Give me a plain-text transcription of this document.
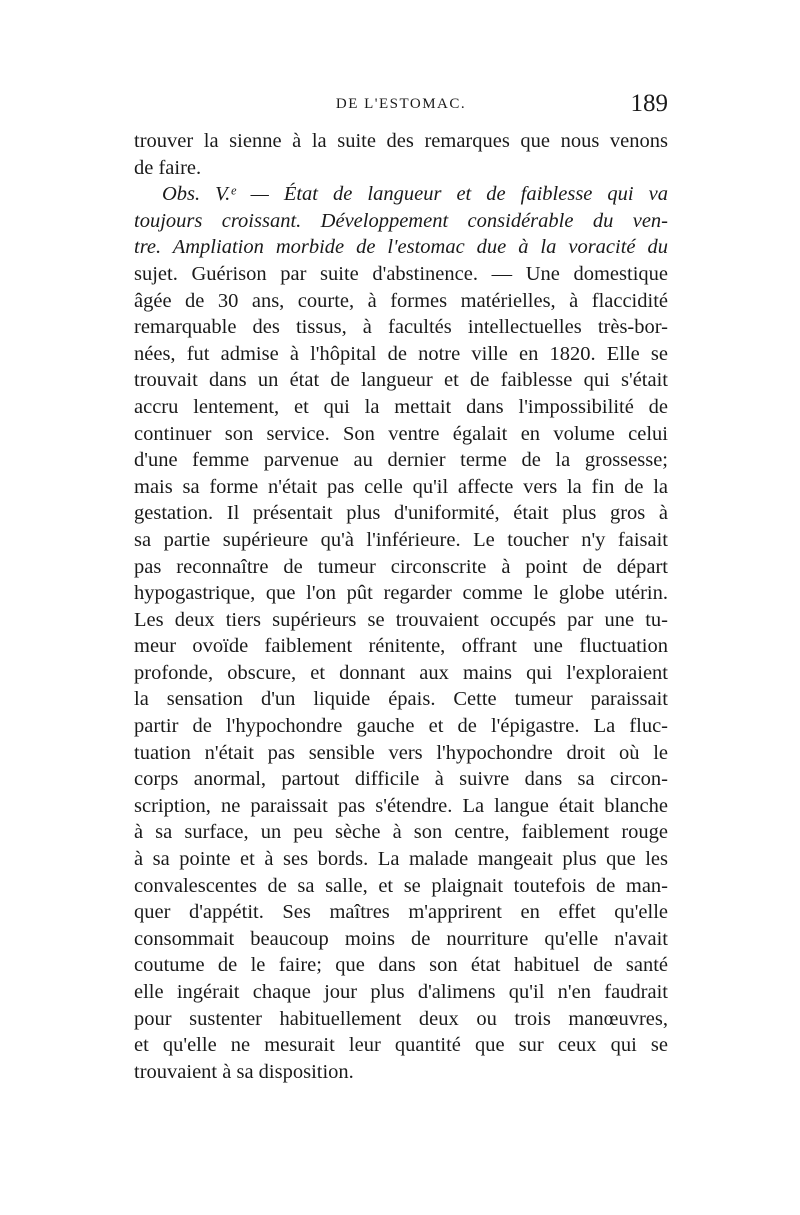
DE L'ESTOMAC.	189
trouver la sienne à la suite des remarques que nous venons
de faire.
Obs. V.ᵉ — État de langueur et de faiblesse qui va
toujours croissant. Développement considérable du ven-
tre. Ampliation morbide de l'estomac due à la voracité du
sujet. Guérison par suite d'abstinence. — Une domestique
âgée de 30 ans, courte, à formes matérielles, à flaccidité
remarquable des tissus, à facultés intellectuelles très-bor-
nées, fut admise à l'hôpital de notre ville en 1820. Elle se
trouvait dans un état de langueur et de faiblesse qui s'était
accru lentement, et qui la mettait dans l'impossibilité de
continuer son service. Son ventre égalait en volume celui
d'une femme parvenue au dernier terme de la grossesse;
mais sa forme n'était pas celle qu'il affecte vers la fin de la
gestation. Il présentait plus d'uniformité, était plus gros à
sa partie supérieure qu'à l'inférieure. Le toucher n'y faisait
pas reconnaître de tumeur circonscrite à point de départ
hypogastrique, que l'on pût regarder comme le globe utérin.
Les deux tiers supérieurs se trouvaient occupés par une tu-
meur ovoïde faiblement rénitente, offrant une fluctuation
profonde, obscure, et donnant aux mains qui l'exploraient
la sensation d'un liquide épais. Cette tumeur paraissait
partir de l'hypochondre gauche et de l'épigastre. La fluc-
tuation n'était pas sensible vers l'hypochondre droit où le
corps anormal, partout difficile à suivre dans sa circon-
scription, ne paraissait pas s'étendre. La langue était blanche
à sa surface, un peu sèche à son centre, faiblement rouge
à sa pointe et à ses bords. La malade mangeait plus que les
convalescentes de sa salle, et se plaignait toutefois de man-
quer d'appétit. Ses maîtres m'apprirent en effet qu'elle
consommait beaucoup moins de nourriture qu'elle n'avait
coutume de le faire; que dans son état habituel de santé
elle ingérait chaque jour plus d'alimens qu'il n'en faudrait
pour sustenter habituellement deux ou trois manœuvres,
et qu'elle ne mesurait leur quantité que sur ceux qui se
trouvaient à sa disposition.
